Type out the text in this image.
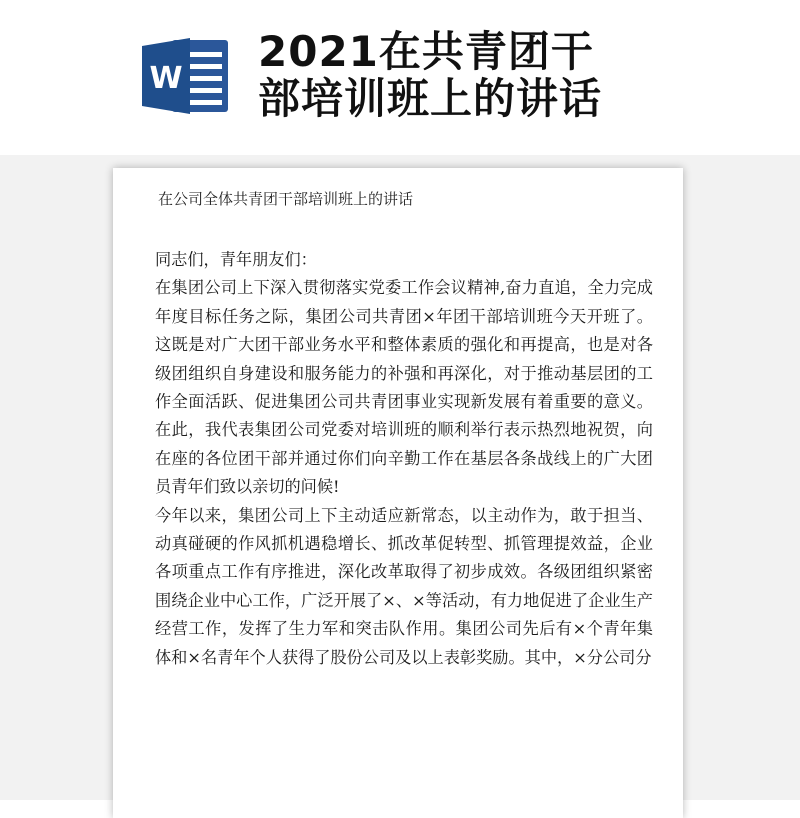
W
2021在共青团干
部培训班上的讲话
在公司全体共青团干部培训班上的讲话

同志们，青年朋友们：

在集团公司上下深入贯彻落实党委工作会议精神,奋力直追，全力完成年度目标任务之际，集团公司共青团×年团干部培训班今天开班了。这既是对广大团干部业务水平和整体素质的强化和再提高，也是对各级团组织自身建设和服务能力的补强和再深化，对于推动基层团的工作全面活跃、促进集团公司共青团事业实现新发展有着重要的意义。在此，我代表集团公司党委对培训班的顺利举行表示热烈地祝贺，向在座的各位团干部并通过你们向辛勤工作在基层各条战线上的广大团员青年们致以亲切的问候!

今年以来，集团公司上下主动适应新常态，以主动作为，敢于担当、动真碰硬的作风抓机遇稳增长、抓改革促转型、抓管理提效益，企业各项重点工作有序推进，深化改革取得了初步成效。各级团组织紧密围绕企业中心工作，广泛开展了×、×等活动，有力地促进了企业生产经营工作，发挥了生力军和突击队作用。集团公司先后有×个青年集体和×名青年个人获得了股份公司及以上表彰奖励。其中，×分公司分
